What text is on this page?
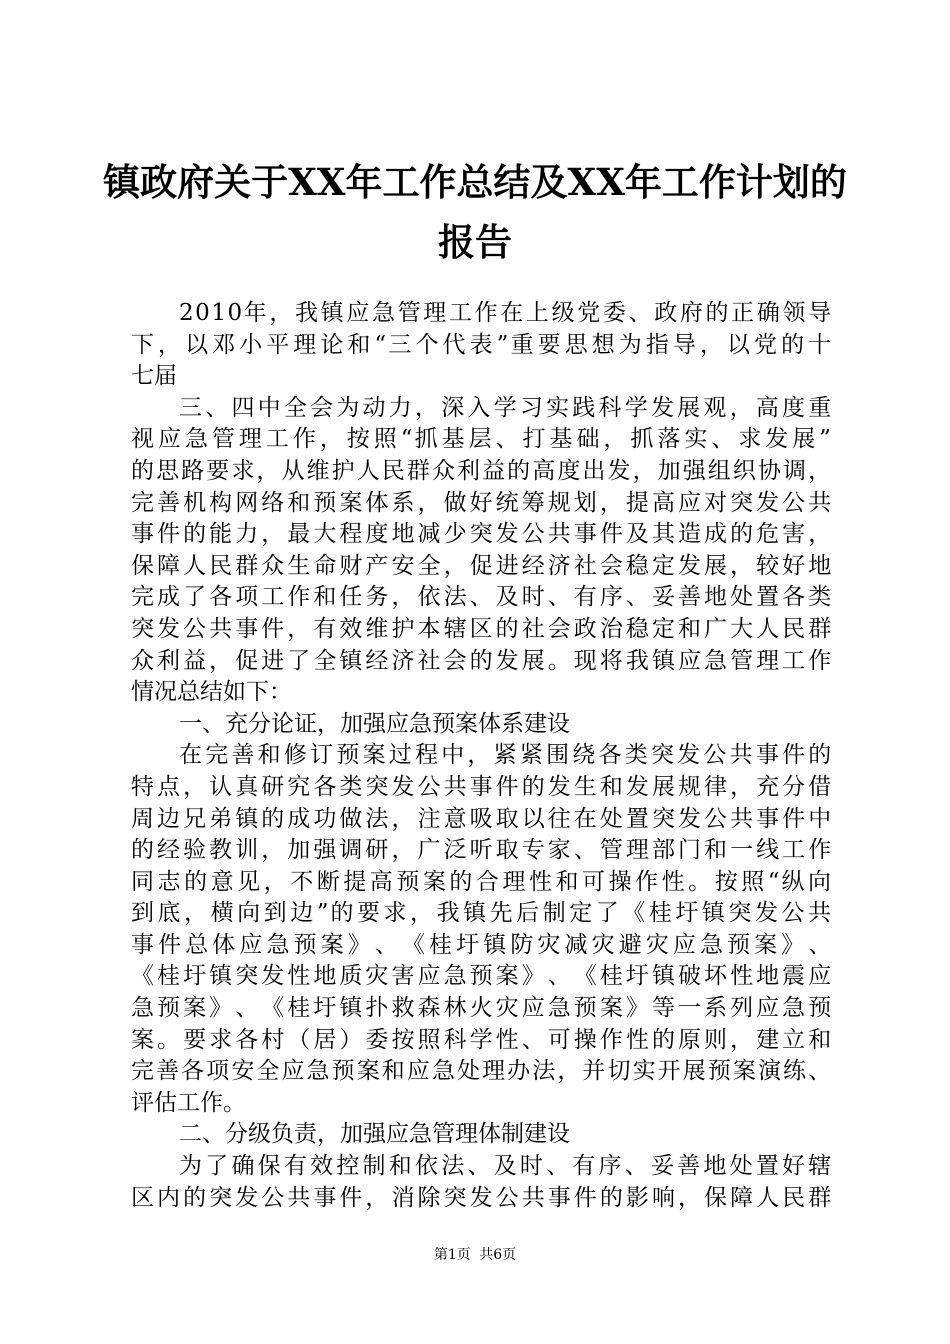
镇政府关于XX年工作总结及XX年工作计划的
报告
2 0 1 0 年 ， 我 镇 应 急 管 理 工 作 在 上 级 党 委 、 政 府 的 正 确 领 导
下 ， 以 邓 小 平 理 论 和 “ 三 个 代 表 ” 重 要 思 想 为 指 导 ， 以 党 的 十
七届
三 、 四 中 全 会 为 动 力 ， 深 入 学 习 实 践 科 学 发 展 观 ， 高 度 重
视 应 急 管 理 工 作 ， 按 照 “ 抓 基 层 、 打 基 础 ， 抓 落 实 、 求 发 展 ”
的 思 路 要 求 ， 从 维 护 人 民 群 众 利 益 的 高 度 出 发 ， 加 强 组 织 协 调 ，
完 善 机 构 网 络 和 预 案 体 系 ， 做 好 统 筹 规 划 ， 提 高 应 对 突 发 公 共
事 件 的 能 力 ， 最 大 程 度 地 减 少 突 发 公 共 事 件 及 其 造 成 的 危 害 ，
保 障 人 民 群 众 生 命 财 产 安 全 ， 促 进 经 济 社 会 稳 定 发 展 ， 较 好 地
完 成 了 各 项 工 作 和 任 务 ， 依 法 、 及 时 、 有 序 、 妥 善 地 处 置 各 类
突 发 公 共 事 件 ， 有 效 维 护 本 辖 区 的 社 会 政 治 稳 定 和 广 大 人 民 群
众 利 益 ， 促 进 了 全 镇 经 济 社 会 的 发 展 。 现 将 我 镇 应 急 管 理 工 作
情况总结如下：
一、充分论证，加强应急预案体系建设
在 完 善 和 修 订 预 案 过 程 中 ， 紧 紧 围 绕 各 类 突 发 公 共 事 件 的
特 点 ， 认 真 研 究 各 类 突 发 公 共 事 件 的 发 生 和 发 展 规 律 ， 充 分 借
周 边 兄 弟 镇 的 成 功 做 法 ， 注 意 吸 取 以 往 在 处 置 突 发 公 共 事 件 中
的 经 验 教 训 ， 加 强 调 研 ， 广 泛 听 取 专 家 、 管 理 部 门 和 一 线 工 作
同 志 的 意 见 ， 不 断 提 高 预 案 的 合 理 性 和 可 操 作 性 。 按 照 “ 纵 向
到 底 ， 横 向 到 边 ” 的 要 求 ， 我 镇 先 后 制 定 了 《 桂 圩 镇 突 发 公 共
事 件 总 体 应 急 预 案 》 、 《 桂 圩 镇 防 灾 减 灾 避 灾 应 急 预 案 》 、
《 桂 圩 镇 突 发 性 地 质 灾 害 应 急 预 案 》 、 《 桂 圩 镇 破 坏 性 地 震 应
急 预 案 》 、 《 桂 圩 镇 扑 救 森 林 火 灾 应 急 预 案 》 等 一 系 列 应 急 预
案 。 要 求 各 村 （ 居 ） 委 按 照 科 学 性 、 可 操 作 性 的 原 则 ， 建 立 和
完 善 各 项 安 全 应 急 预 案 和 应 急 处 理 办 法 ， 并 切 实 开 展 预 案 演 练 、
评估工作。
二、分级负责，加强应急管理体制建设
为 了 确 保 有 效 控 制 和 依 法 、 及 时 、 有 序 、 妥 善 地 处 置 好 辖
区 内 的 突 发 公 共 事 件 ， 消 除 突 发 公 共 事 件 的 影 响 ， 保 障 人 民 群
第1页 共6页
